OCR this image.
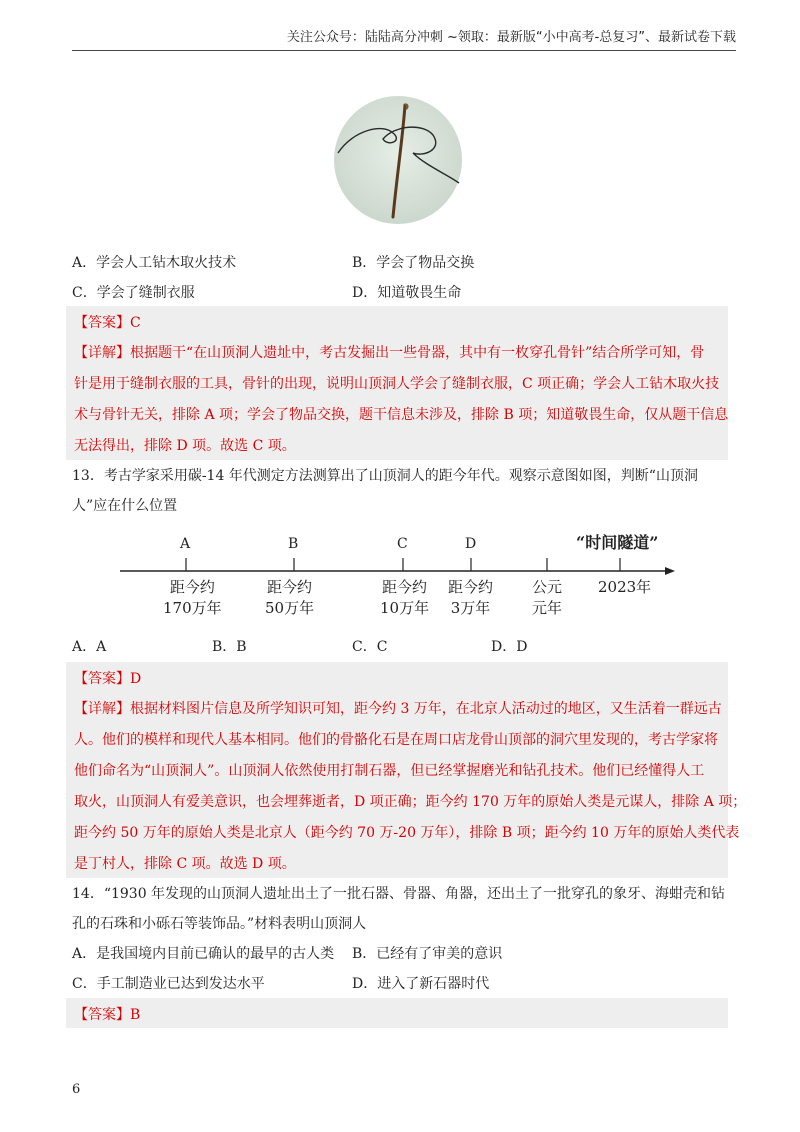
关注公众号：陆陆高分冲刺 ~领取：最新版“小中高考-总复习”、最新试卷下载
A．学会人工钻木取火技术	B．学会了物品交换
C．学会了缝制衣服	D．知道敬畏生命
【答案】C
【详解】根据题干“在山顶洞人遗址中，考古发掘出一些骨器，其中有一枚穿孔骨针”结合所学可知，骨
针是用于缝制衣服的工具，骨针的出现，说明山顶洞人学会了缝制衣服，C 项正确；学会人工钻木取火技
术与骨针无关，排除 A 项；学会了物品交换，题干信息未涉及，排除 B 项；知道敬畏生命，仅从题干信息
无法得出，排除 D 项。故选 C 项。
13．考古学家采用碳-14 年代测定方法测算出了山顶洞人的距今年代。观察示意图如图，判断“山顶洞
人”应在什么位置
“时间隧道”
A	B	C	D
距今约
170万年
距今约
50万年
距今约
10万年
距今约
3万年
公元
元年
2023年
A．A	B．B	C．C	D．D
【答案】D
【详解】根据材料图片信息及所学知识可知，距今约 3 万年，在北京人活动过的地区，又生活着一群远古
人。他们的模样和现代人基本相同。他们的骨骼化石是在周口店龙骨山顶部的洞穴里发现的，考古学家将
他们命名为“山顶洞人”。山顶洞人依然使用打制石器，但已经掌握磨光和钻孔技术。他们已经懂得人工
取火，山顶洞人有爱美意识，也会埋葬逝者，D 项正确；距今约 170 万年的原始人类是元谋人，排除 A 项；
距今约 50 万年的原始人类是北京人（距今约 70 万-20 万年），排除 B 项；距今约 10 万年的原始人类代表
是丁村人，排除 C 项。故选 D 项。
14．“1930 年发现的山顶洞人遗址出土了一批石器、骨器、角器，还出土了一批穿孔的象牙、海蚶壳和钻
孔的石珠和小砾石等装饰品。”材料表明山顶洞人
A．是我国境内目前已确认的最早的古人类 B．已经有了审美的意识
C．手工制造业已达到发达水平	D．进入了新石器时代
【答案】B
6
